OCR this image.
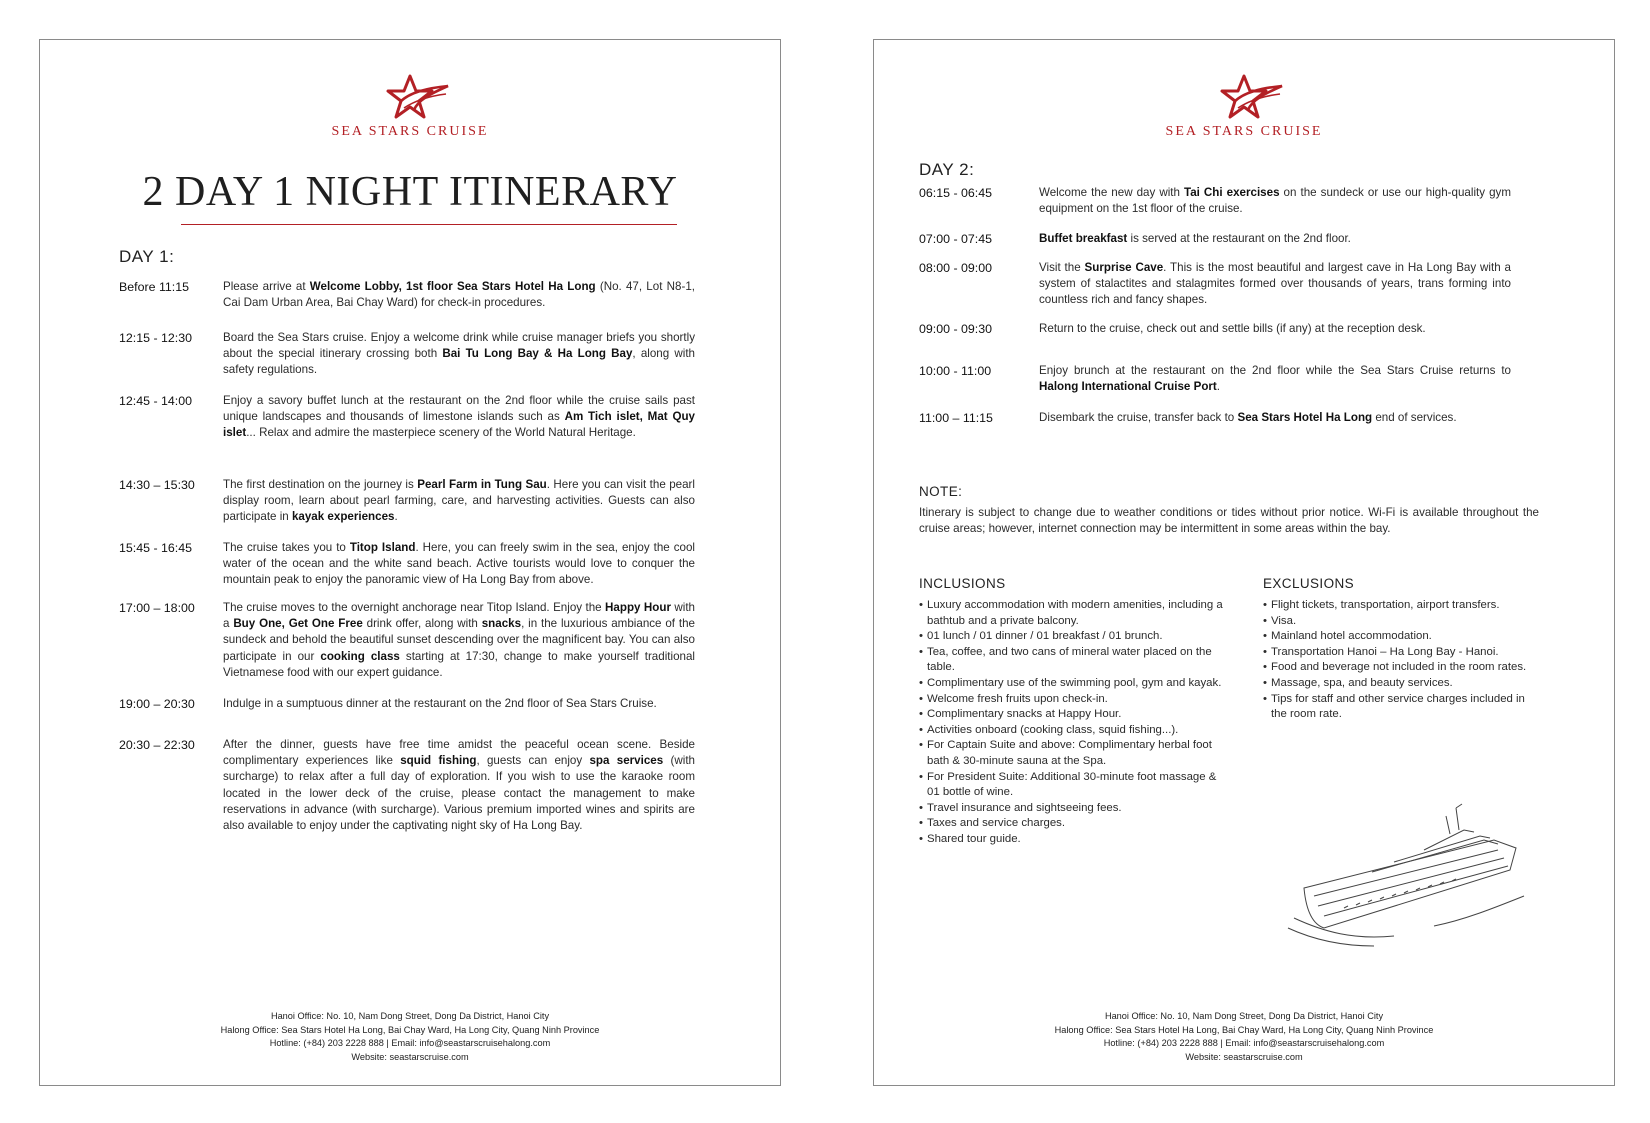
SEA STARS CRUISE
2 DAY 1 NIGHT ITINERARY
DAY 1:
Before 11:15	Please arrive at Welcome Lobby, 1st floor Sea Stars Hotel Ha Long (No. 47, Lot N8-1, Cai Dam Urban Area, Bai Chay Ward) for check-in procedures.
12:15 - 12:30	Board the Sea Stars cruise. Enjoy a welcome drink while cruise manager briefs you shortly about the special itinerary crossing both Bai Tu Long Bay & Ha Long Bay, along with safety regulations.
12:45 - 14:00	Enjoy a savory buffet lunch at the restaurant on the 2nd floor while the cruise sails past unique landscapes and thousands of limestone islands such as Am Tich islet, Mat Quy islet... Relax and admire the masterpiece scenery of the World Natural Heritage.
14:30 – 15:30 The first destination on the journey is Pearl Farm in Tung Sau. Here you can visit the pearl display room, learn about pearl farming, care, and harvesting activities. Guests can also participate in kayak experiences.
15:45 - 16:45	The cruise takes you to Titop Island. Here, you can freely swim in the sea, enjoy the cool water of the ocean and the white sand beach. Active tourists would love to conquer the mountain peak to enjoy the panoramic view of Ha Long Bay from above.
17:00 – 18:00 The cruise moves to the overnight anchorage near Titop Island. Enjoy the Happy Hour with a Buy One, Get One Free drink offer, along with snacks, in the luxurious ambiance of the sundeck and behold the beautiful sunset descending over the magnificent bay. You can also participate in our cooking class starting at 17:30, change to make yourself traditional Vietnamese food with our expert guidance.
19:00 – 20:30 Indulge in a sumptuous dinner at the restaurant on the 2nd floor of Sea Stars Cruise.
20:30 – 22:30 After the dinner, guests have free time amidst the peaceful ocean scene. Beside complimentary experiences like squid fishing, guests can enjoy spa services (with surcharge) to relax after a full day of exploration. If you wish to use the karaoke room located in the lower deck of the cruise, please contact the management to make reservations in advance (with surcharge). Various premium imported wines and spirits are also available to enjoy under the captivating night sky of Ha Long Bay.
Hanoi Office: No. 10, Nam Dong Street, Dong Da District, Hanoi City
Halong Office: Sea Stars Hotel Ha Long, Bai Chay Ward, Ha Long City, Quang Ninh Province
Hotline: (+84) 203 2228 888 | Email: info@seastarscruisehalong.com
Website: seastarscruise.com
SEA STARS CRUISE
DAY 2:
06:15 - 06:45	Welcome the new day with Tai Chi exercises on the sundeck or use our high-quality gym equipment on the 1st floor of the cruise.
07:00 - 07:45	Buffet breakfast is served at the restaurant on the 2nd floor.
08:00 - 09:00	Visit the Surprise Cave. This is the most beautiful and largest cave in Ha Long Bay with a system of stalactites and stalagmites formed over thousands of years, trans forming into countless rich and fancy shapes.
09:00 - 09:30	Return to the cruise, check out and settle bills (if any) at the reception desk.
10:00 - 11:00	Enjoy brunch at the restaurant on the 2nd floor while the Sea Stars Cruise returns to Halong International Cruise Port.
11:00 – 11:15	Disembark the cruise, transfer back to Sea Stars Hotel Ha Long end of services.
NOTE:
Itinerary is subject to change due to weather conditions or tides without prior notice. Wi-Fi is available throughout the cruise areas; however, internet connection may be intermittent in some areas within the bay.
INCLUSIONS
• Luxury accommodation with modern amenities, including a bathtub and a private balcony.
• 01 lunch / 01 dinner / 01 breakfast / 01 brunch.
• Tea, coffee, and two cans of mineral water placed on the table.
• Complimentary use of the swimming pool, gym and kayak.
• Welcome fresh fruits upon check-in.
• Complimentary snacks at Happy Hour.
• Activities onboard (cooking class, squid fishing...).
• For Captain Suite and above: Complimentary herbal foot bath & 30-minute sauna at the Spa.
• For President Suite: Additional 30-minute foot massage & 01 bottle of wine.
• Travel insurance and sightseeing fees.
• Taxes and service charges.
• Shared tour guide.
EXCLUSIONS
• Flight tickets, transportation, airport transfers.
• Visa.
• Mainland hotel accommodation.
• Transportation Hanoi – Ha Long Bay - Hanoi.
• Food and beverage not included in the room rates.
• Massage, spa, and beauty services.
• Tips for staff and other service charges included in the room rate.
Hanoi Office: No. 10, Nam Dong Street, Dong Da District, Hanoi City
Halong Office: Sea Stars Hotel Ha Long, Bai Chay Ward, Ha Long City, Quang Ninh Province
Hotline: (+84) 203 2228 888 | Email: info@seastarscruisehalong.com
Website: seastarscruise.com
